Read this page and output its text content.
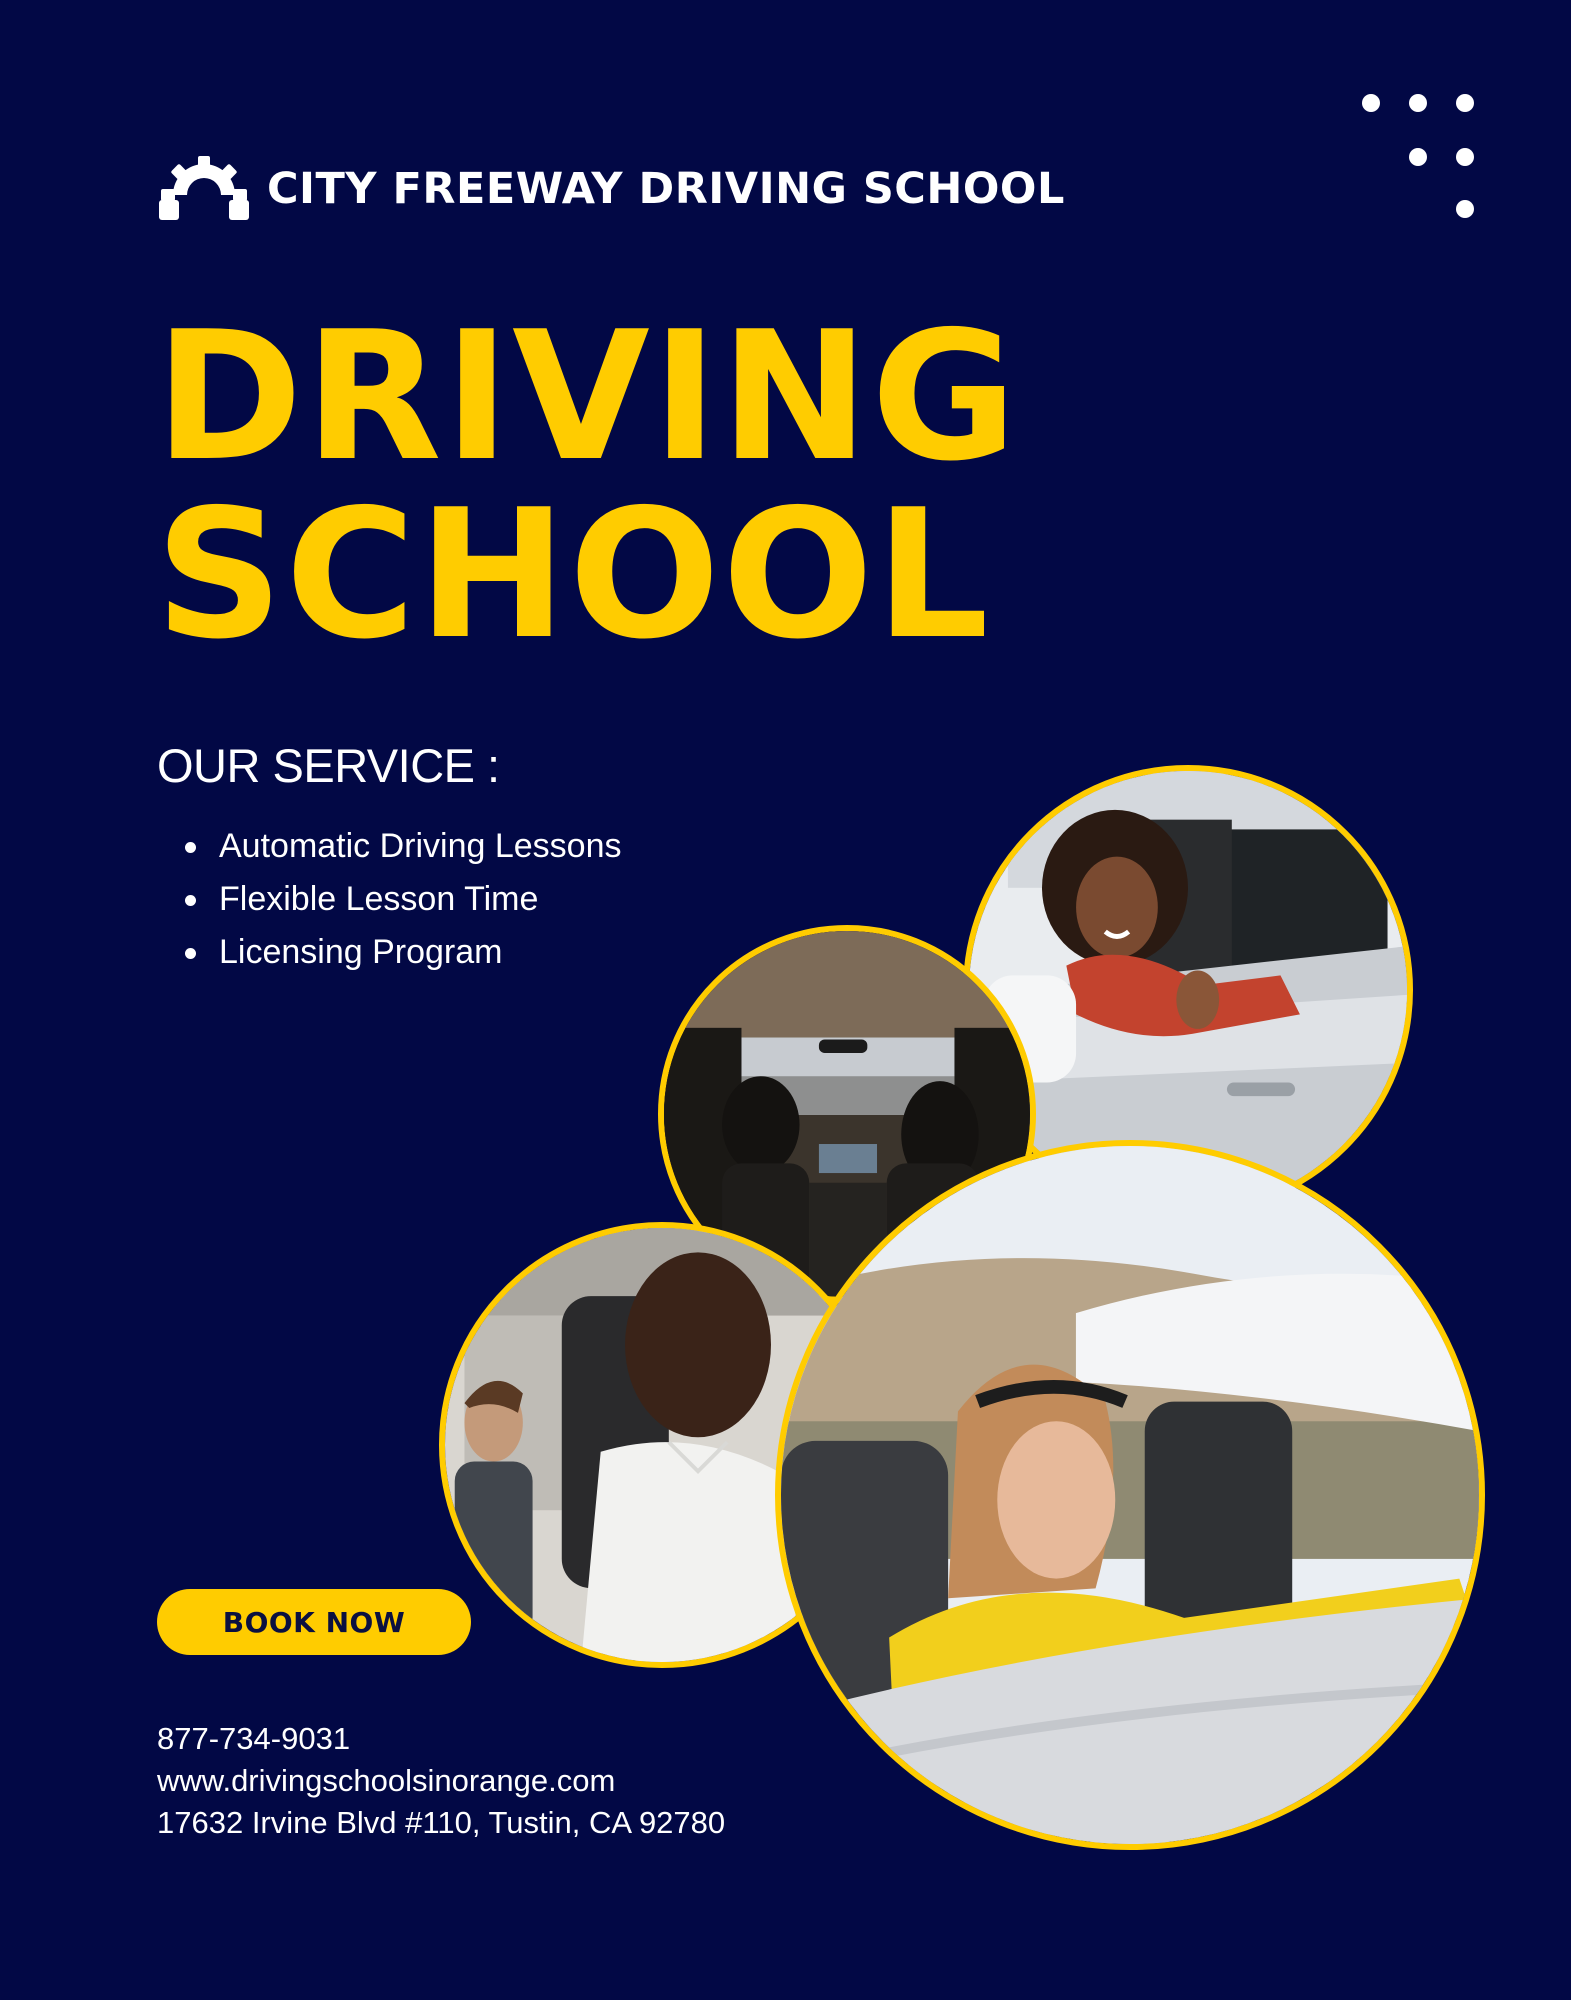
CITY FREEWAY DRIVING SCHOOL
DRIVING
SCHOOL
OUR SERVICE :
Automatic Driving Lessons
Flexible Lesson Time
Licensing Program
BOOK NOW
877-734-9031
www.drivingschoolsinorange.com
17632 Irvine Blvd #110, Tustin, CA 92780
